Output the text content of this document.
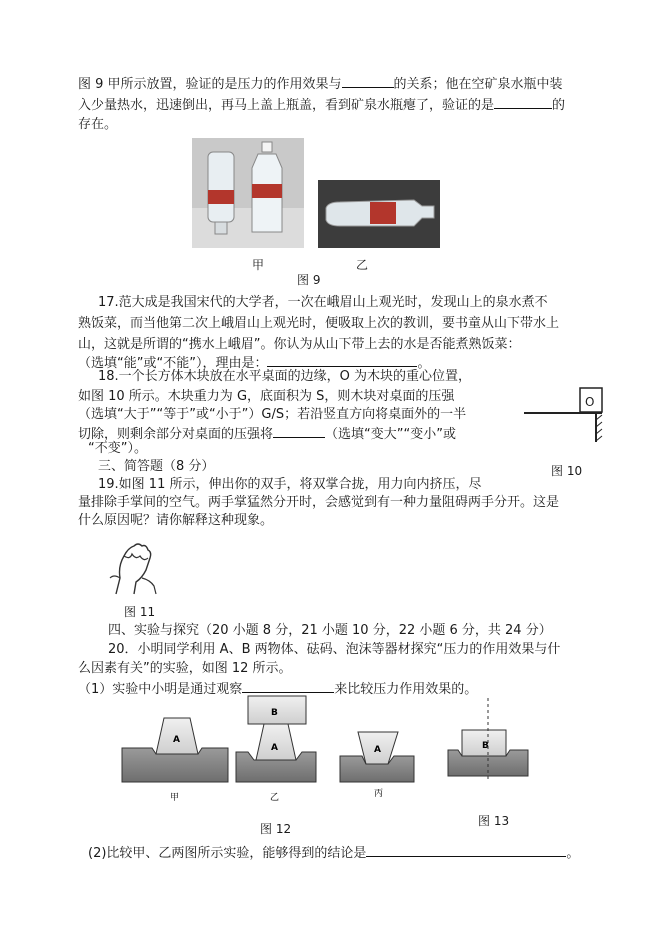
图 9 甲所示放置，验证的是压力的作用效果与	的关系；他在空矿泉水瓶中装
入少量热水，迅速倒出，再马上盖上瓶盖，看到矿泉水瓶瘪了，验证的是	的
存在。
甲	乙
图 9
17.范大成是我国宋代的大学者，一次在峨眉山上观光时，发现山上的泉水煮不
熟饭菜，而当他第二次上峨眉山上观光时，便吸取上次的教训，要书童从山下带水上
山，这就是所谓的“携水上峨眉”。你认为从山下带上去的水是否能煮熟饭菜：
（选填“能”或“不能”），理由是：	。
18.一个长方体木块放在水平桌面的边缘，O 为木块的重心位置，
如图 10 所示。木块重力为 G，底面积为 S，则木块对桌面的压强
（选填“大于”“等于”或“小于”）G/S；若沿竖直方向将桌面外的一半
切除，则剩余部分对桌面的压强将	（选填“变大”“变小”或
“不变”）。
O
图 10
三、简答题（8 分）
19.如图 11 所示，伸出你的双手，将双掌合拢，用力向内挤压，尽
量排除手掌间的空气。两手掌猛然分开时，会感觉到有一种力量阻碍两手分开。这是
什么原因呢？请你解释这种现象。
图 11
四、实验与探究（20 小题 8 分，21 小题 10 分，22 小题 6 分，共 24 分）
20．小明同学利用 A、B 两物体、砝码、泡沫等器材探究“压力的作用效果与什
么因素有关”的实验，如图 12 所示。
（1）实验中小明是通过观察	来比较压力作用效果的。
A
甲
B
A
乙
A
丙
B
图 12
图 13
(2)比较甲、乙两图所示实验，能够得到的结论是	。
